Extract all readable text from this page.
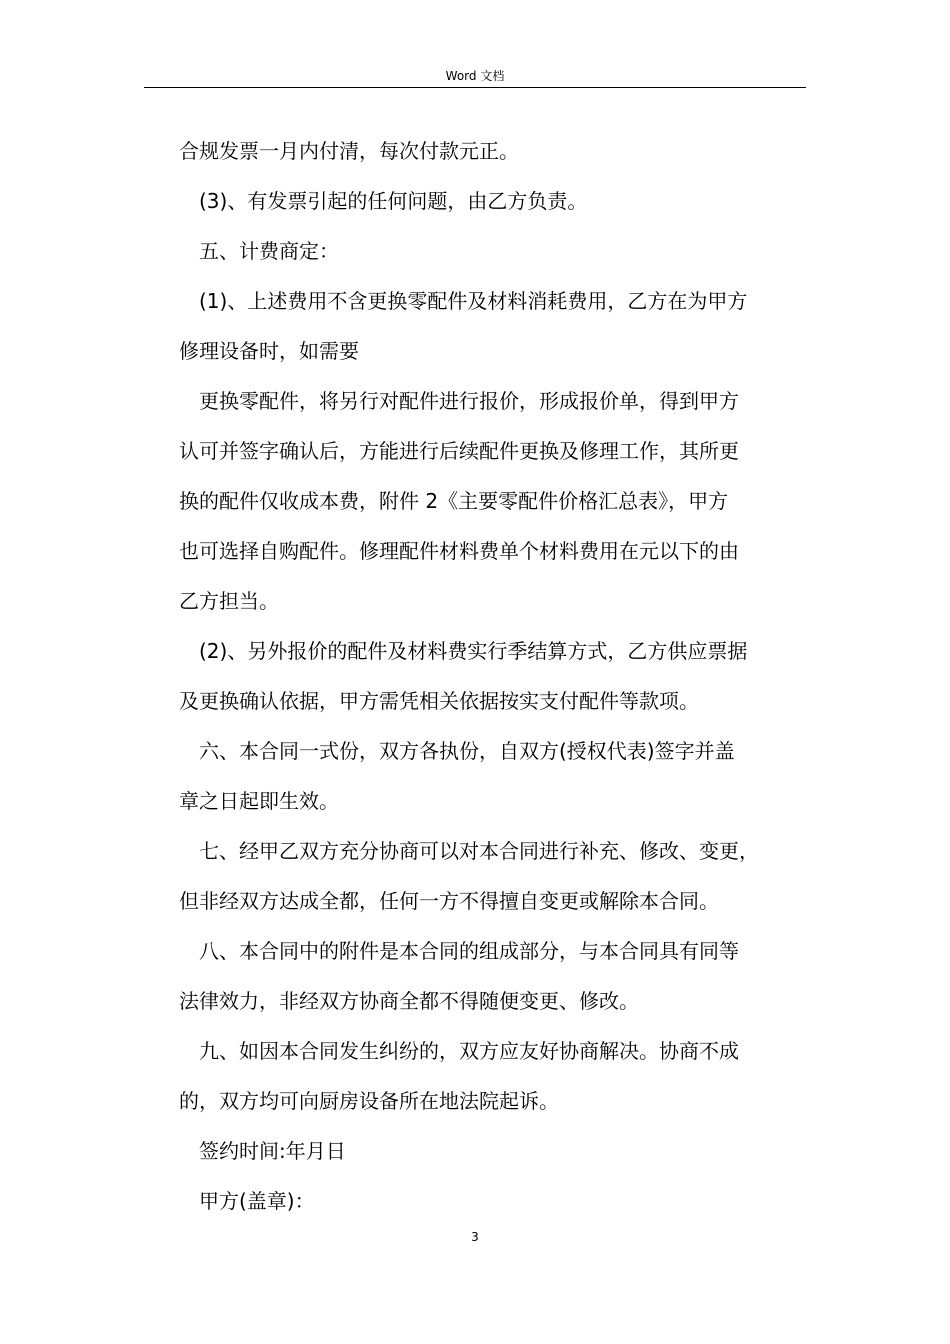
Word 文档
合规发票一月内付清，每次付款元正。
(3)、有发票引起的任何问题，由乙方负责。
五、计费商定：
(1)、上述费用不含更换零配件及材料消耗费用，乙方在为甲方
修理设备时，如需要
更换零配件，将另行对配件进行报价，形成报价单，得到甲方
认可并签字确认后，方能进行后续配件更换及修理工作，其所更
换的配件仅收成本费，附件 2《主要零配件价格汇总表》，甲方
也可选择自购配件。修理配件材料费单个材料费用在元以下的由
乙方担当。
(2)、另外报价的配件及材料费实行季结算方式，乙方供应票据
及更换确认依据，甲方需凭相关依据按实支付配件等款项。
六、本合同一式份，双方各执份，自双方(授权代表)签字并盖
章之日起即生效。
七、经甲乙双方充分协商可以对本合同进行补充、修改、变更，
但非经双方达成全都，任何一方不得擅自变更或解除本合同。
八、本合同中的附件是本合同的组成部分，与本合同具有同等
法律效力，非经双方协商全都不得随便变更、修改。
九、如因本合同发生纠纷的，双方应友好协商解决。协商不成
的，双方均可向厨房设备所在地法院起诉。
签约时间:年月日
甲方(盖章)：
3
